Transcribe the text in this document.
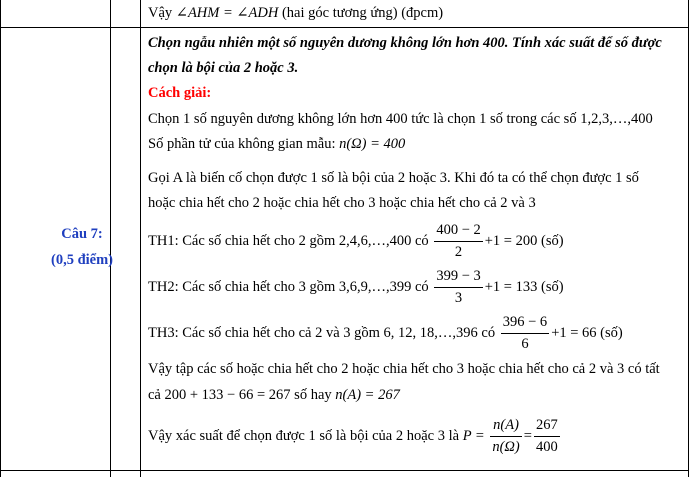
Vậy ∠AHM = ∠ADH (hai góc tương ứng) (đpcm)
Câu 7:
(0,5 điểm)
Chọn ngẫu nhiên một số nguyên dương không lớn hơn 400. Tính xác suất để số được
chọn là bội của 2 hoặc 3.
Cách giải:
Chọn 1 số nguyên dương không lớn hơn 400 tức là chọn 1 số trong các số 1,2,3,…,400
Số phần tử của không gian mẫu: n(Ω) = 400
Gọi A là biến cố chọn được 1 số là bội của 2 hoặc 3. Khi đó ta có thể chọn được 1 số
hoặc chia hết cho 2 hoặc chia hết cho 3 hoặc chia hết cho cả 2 và 3
TH1: Các số chia hết cho 2 gồm 2,4,6,…,400 có $\frac{400 - 2}{2} +1 = 200$ (số)
TH2: Các số chia hết cho 3 gồm 3,6,9,…,399 có $\frac{399 - 3}{3} +1 = 133$ (số)
TH3: Các số chia hết cho cả 2 và 3 gồm 6, 12, 18,…,396 có $\frac{396 - 6}{6} +1 = 66$ (số)
Vậy tập các số hoặc chia hết cho 2 hoặc chia hết cho 3 hoặc chia hết cho cả 2 và 3 có tất
cả 200 + 133 − 66 = 267 số hay n(A) = 267
Vậy xác suất để chọn được 1 số là bội của 2 hoặc 3 là $P = \frac{n(A)}{n(\Omega)} = \frac{267}{400}$
